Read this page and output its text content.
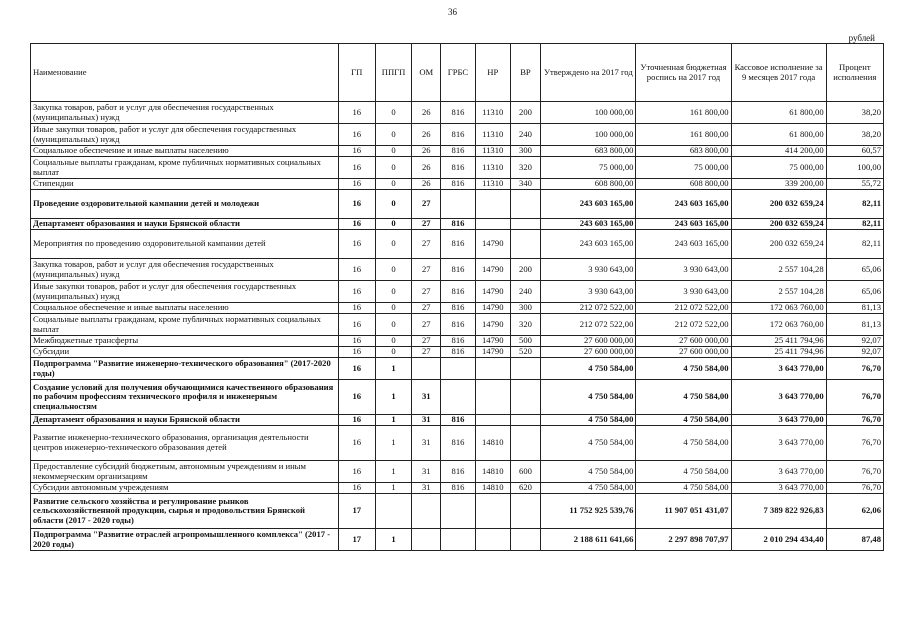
36
рублей
Наименование	ГП	ППГП	ОМ	ГРБС	НР	ВР	Утверждено на 2017 год	Уточненная бюджетная роспись на 2017 год	Кассовое исполнение за 9 месяцев 2017 года	Процент исполнения
Закупка товаров, работ и услуг для обеспечения государственных (муниципальных) нужд	16	0	26	816	11310	200	100 000,00	161 800,00	61 800,00	38,20
Иные закупки товаров, работ и услуг для обеспечения государственных (муниципальных) нужд	16	0	26	816	11310	240	100 000,00	161 800,00	61 800,00	38,20
Социальное обеспечение и иные выплаты населению	16	0	26	816	11310	300	683 800,00	683 800,00	414 200,00	60,57
Социальные выплаты гражданам, кроме публичных нормативных социальных выплат	16	0	26	816	11310	320	75 000,00	75 000,00	75 000,00	100,00
Стипендии	16	0	26	816	11310	340	608 800,00	608 800,00	339 200,00	55,72
Проведение оздоровительной кампании детей и молодежи	16	0	27				243 603 165,00	243 603 165,00	200 032 659,24	82,11
Департамент образования и науки Брянской области	16	0	27	816			243 603 165,00	243 603 165,00	200 032 659,24	82,11
Мероприятия по проведению оздоровительной кампании детей	16	0	27	816	14790		243 603 165,00	243 603 165,00	200 032 659,24	82,11
Закупка товаров, работ и услуг для обеспечения государственных (муниципальных) нужд	16	0	27	816	14790	200	3 930 643,00	3 930 643,00	2 557 104,28	65,06
Иные закупки товаров, работ и услуг для обеспечения государственных (муниципальных) нужд	16	0	27	816	14790	240	3 930 643,00	3 930 643,00	2 557 104,28	65,06
Социальное обеспечение и иные выплаты населению	16	0	27	816	14790	300	212 072 522,00	212 072 522,00	172 063 760,00	81,13
Социальные выплаты гражданам, кроме публичных нормативных социальных выплат	16	0	27	816	14790	320	212 072 522,00	212 072 522,00	172 063 760,00	81,13
Межбюджетные трансферты	16	0	27	816	14790	500	27 600 000,00	27 600 000,00	25 411 794,96	92,07
Субсидии	16	0	27	816	14790	520	27 600 000,00	27 600 000,00	25 411 794,96	92,07
Подпрограмма "Развитие инженерно-технического образования" (2017-2020 годы)	16	1					4 750 584,00	4 750 584,00	3 643 770,00	76,70
Создание условий для получения обучающимися качественного образования по рабочим профессиям технического профиля и инженерным специальностям	16	1	31				4 750 584,00	4 750 584,00	3 643 770,00	76,70
Департамент образования и науки Брянской области	16	1	31	816			4 750 584,00	4 750 584,00	3 643 770,00	76,70
Развитие инженерно-технического образования, организация деятельности центров инженерно-технического образования детей	16	1	31	816	14810		4 750 584,00	4 750 584,00	3 643 770,00	76,70
Предоставление субсидий бюджетным, автономным учреждениям и иным некоммерческим организациям	16	1	31	816	14810	600	4 750 584,00	4 750 584,00	3 643 770,00	76,70
Субсидии автономным учреждениям	16	1	31	816	14810	620	4 750 584,00	4 750 584,00	3 643 770,00	76,70
Развитие сельского хозяйства и регулирование рынков сельскохозяйственной продукции, сырья и продовольствия Брянской области (2017 - 2020 годы)	17						11 752 925 539,76	11 907 051 431,07	7 389 822 926,83	62,06
Подпрограмма "Развитие отраслей агропромышленного комплекса" (2017 - 2020 годы)	17	1					2 188 611 641,66	2 297 898 707,97	2 010 294 434,40	87,48
